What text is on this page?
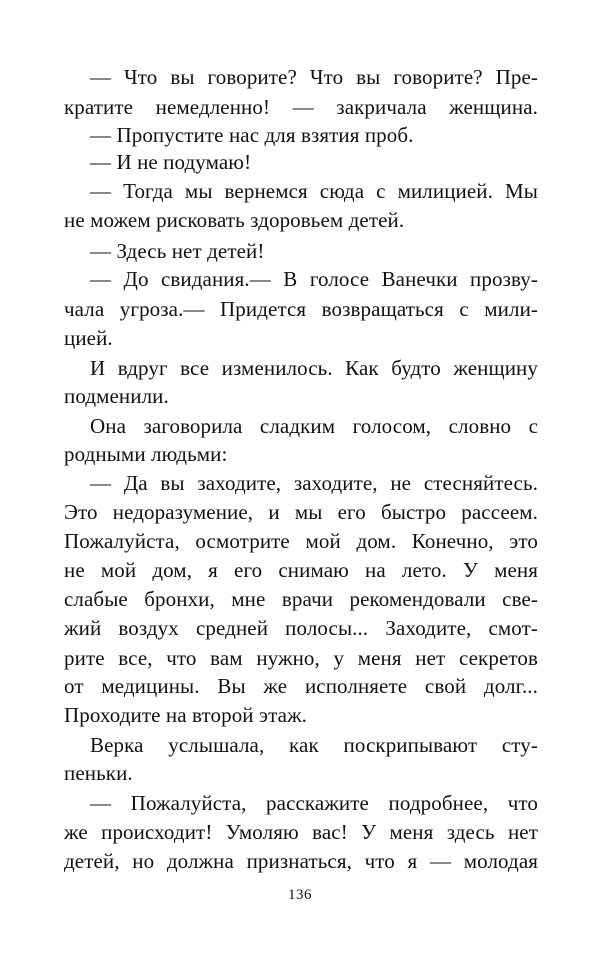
— Что вы говорите? Что вы говорите? Пре-
кратите немедленно! — закричала женщина.
— Пропустите нас для взятия проб.
— И не подумаю!
— Тогда мы вернемся сюда с милицией. Мы
не можем рисковать здоровьем детей.
— Здесь нет детей!
— До свидания.— В голосе Ванечки прозву-
чала угроза.— Придется возвращаться с мили-
цией.
И вдруг все изменилось. Как будто женщину
подменили.
Она заговорила сладким голосом, словно с
родными людьми:
— Да вы заходите, заходите, не стесняйтесь.
Это недоразумение, и мы его быстро рассеем.
Пожалуйста, осмотрите мой дом. Конечно, это
не мой дом, я его снимаю на лето. У меня
слабые бронхи, мне врачи рекомендовали све-
жий воздух средней полосы... Заходите, смот-
рите все, что вам нужно, у меня нет секретов
от медицины. Вы же исполняете свой долг...
Проходите на второй этаж.
Верка услышала, как поскрипывают сту-
пеньки.
— Пожалуйста, расскажите подробнее, что
же происходит! Умоляю вас! У меня здесь нет
детей, но должна признаться, что я — молодая
136
